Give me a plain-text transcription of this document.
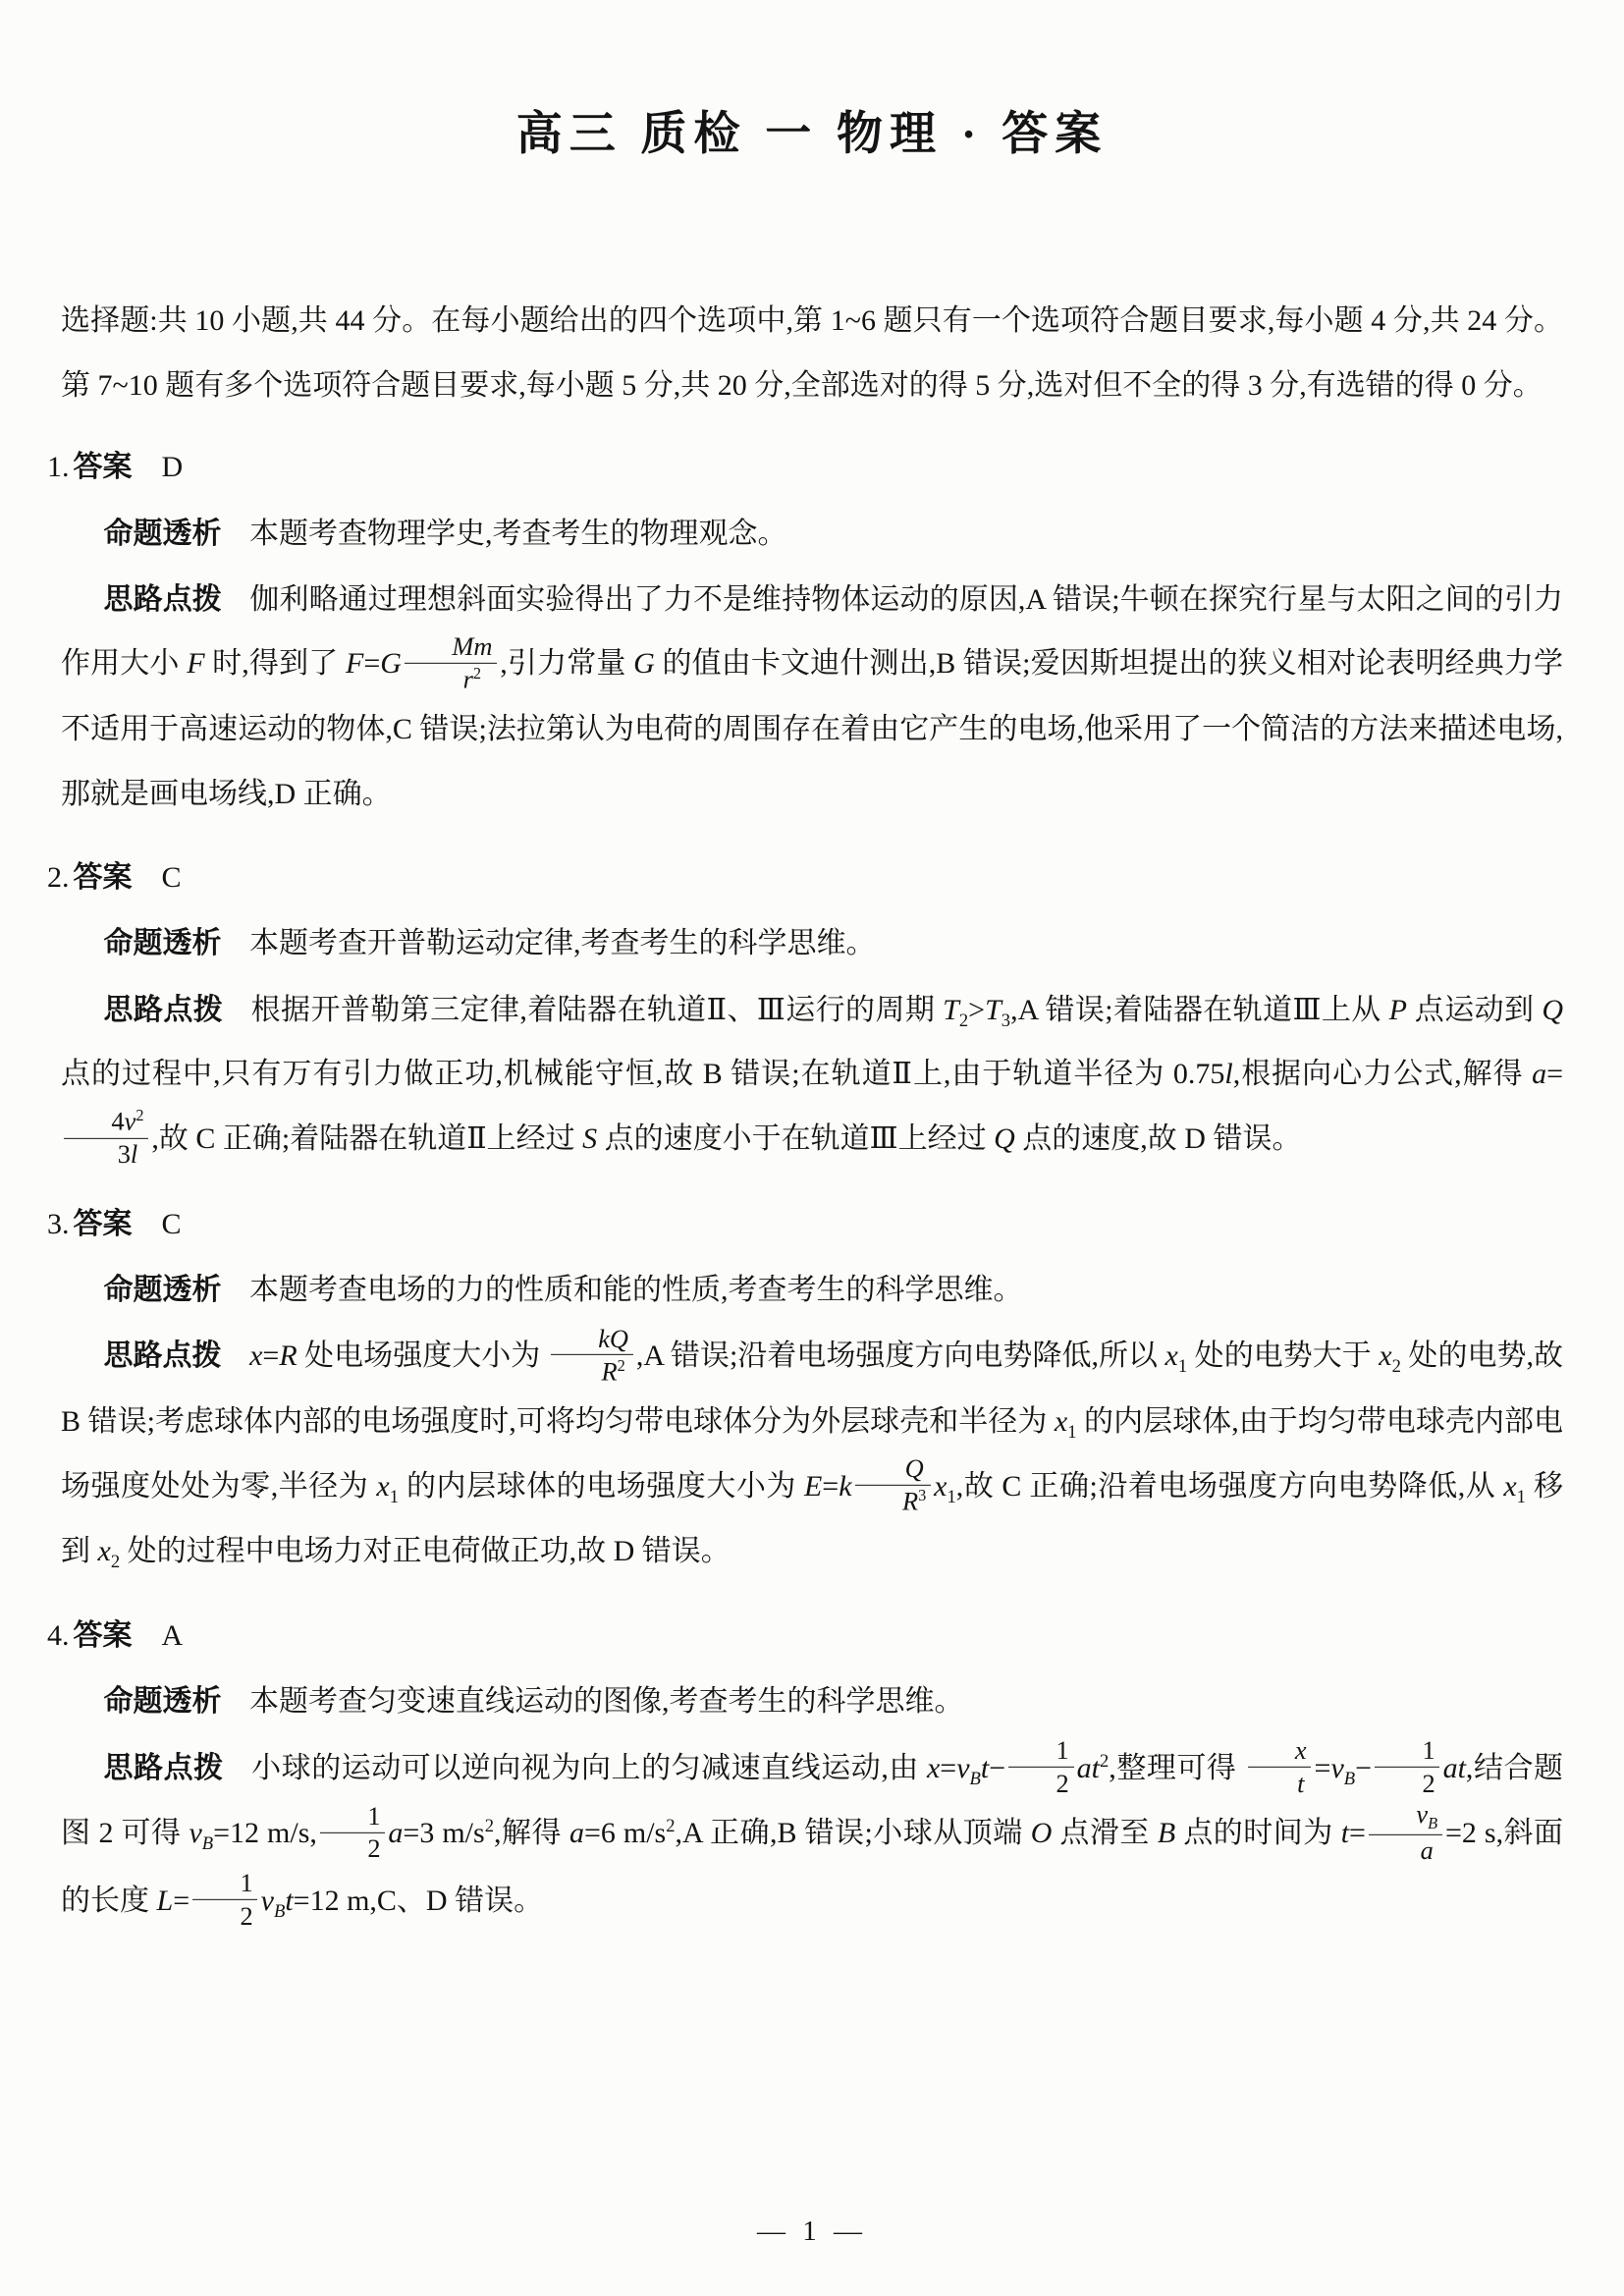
高三 质检 一 物理 · 答案

选择题:共 10 小题,共 44 分。在每小题给出的四个选项中,第 1~6 题只有一个选项符合题目要求,每小题 4 分,共 24 分。第 7~10 题有多个选项符合题目要求,每小题 5 分,共 20 分,全部选对的得 5 分,选对但不全的得 3 分,有选错的得 0 分。

1. 答案 D

命题透析 本题考查物理学史,考查考生的物理观念。

思路点拨 伽利略通过理想斜面实验得出了力不是维持物体运动的原因,A 错误;牛顿在探究行星与太阳之间的引力作用大小 F 时,得到了 $F=G \frac{Mm}{r^2}$ ,引力常量 G 的值由卡文迪什测出,B 错误;爱因斯坦提出的狭义相对论表明经典力学不适用于高速运动的物体,C 错误;法拉第认为电荷的周围存在着由它产生的电场,他采用了一个简洁的方法来描述电场,那就是画电场线,D 正确。

2. 答案 C

命题透析 本题考查开普勒运动定律,考查考生的科学思维。

思路点拨 根据开普勒第三定律,着陆器在轨道Ⅱ、Ⅲ运行的周期 $T_2>T_3,A$ 错误;着陆器在轨道Ⅲ上从 P 点运动到 Q 点的过程中,只有万有引力做正功,机械能守恒,故 B 错误;在轨道Ⅱ上,由于轨道半径为 0.75l,根据向心力公式,解得 a=
$\frac{4v^2}{3l}$ ,故 C 正确;着陆器在轨道Ⅱ上经过 S 点的速度小于在轨道Ⅲ上经过 Q 点的速度,故 D 错误。

3. 答案 C

命题透析 本题考查电场的力的性质和能的性质,考查考生的科学思维。

思路点拨 x=R 处电场强度大小为 $\frac{kQ}{R^2} ,A$ 错误;沿着电场强度方向电势降低,所以 $x_1$ 处的电势大于 $x_2$ 处的电势,故 B 错误;考虑球体内部的电场强度时,可将均匀带电球体分为外层球壳和半径为 $x_1$ 的内层球体,由于均匀带电球壳内部电场强度处处为零,半径为 $x_1$ 的内层球体的电场强度大小为 $E=k \frac{Q}{R^3} x_1$,故 C 正确;沿着电场强度方向电势降低,从 $x_1$ 移到 $x_2$ 处的过程中电场力对正电荷做正功,故 D 错误。

4. 答案 A

命题透析 本题考查匀变速直线运动的图像,考查考生的科学思维。

思路点拨 小球的运动可以逆向视为向上的匀减速直线运动,由 $x=v_Bt- \frac{1}{2} at^2$,整理可得 $\frac{x}{t} =v_B- \frac{1}{2}$ at,结合题图 2 可得 $v_B=12$ m/s, $\frac{1}{2} a=3$ $m/s^2$,解得 a=6 $m/s^2,A$ 正确,B 错误;小球从顶端 O 点滑至 B 点的时间为 $t= \frac{v_B}{a} =2$ s,斜面的长度 $L= \frac{1}{2} v_Bt=12$ m,C、D 错误。

— 1 —
